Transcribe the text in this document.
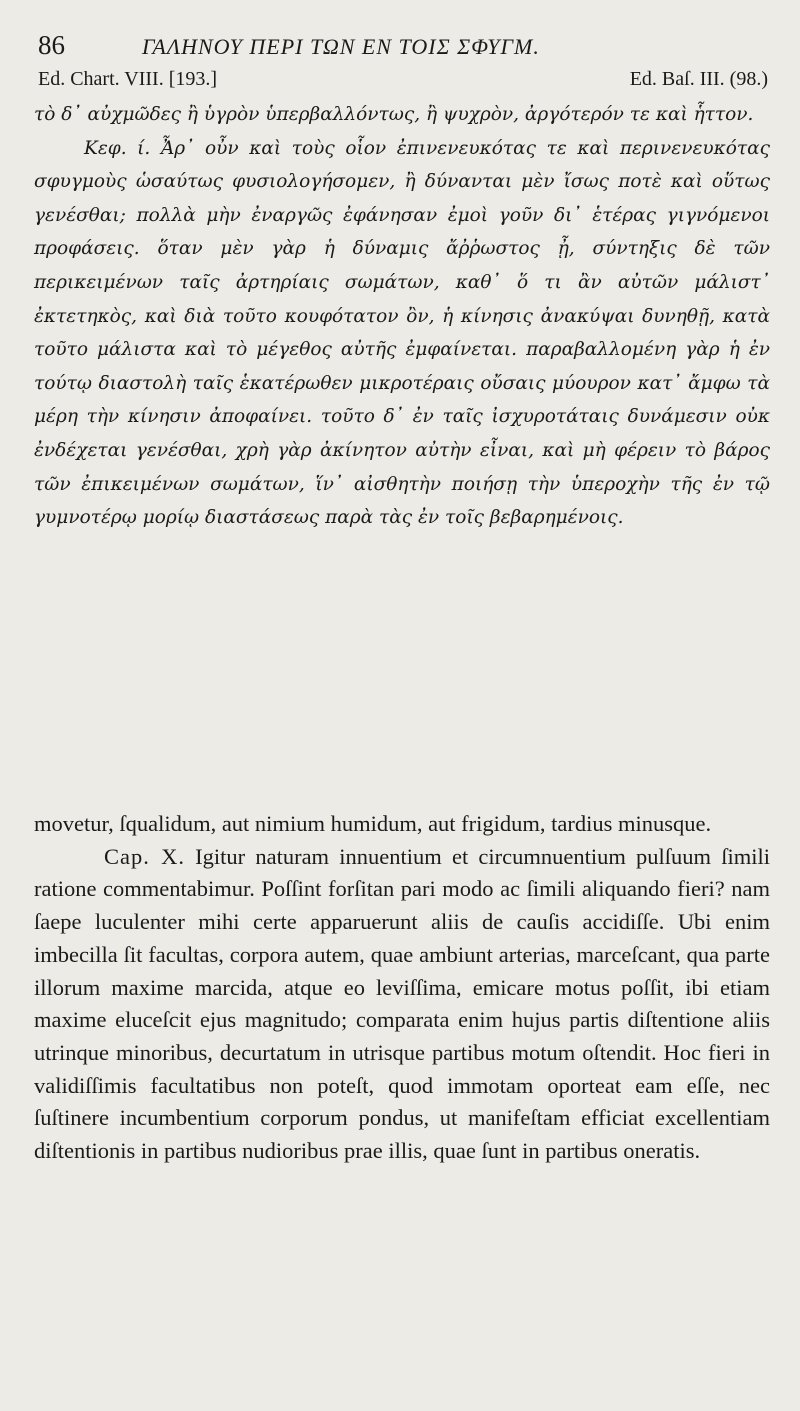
86	ΓΑΛΗΝΟΥ ΠΕΡΙ ΤΩΝ ΕΝ ΤΟΙΣ ΣΦΥΓΜ.
Ed. Chart. VIII. [193.]	Ed. Baſ. III. (98.)

τὸ δ᾽ αὐχμῶδες ἢ ὑγρὸν ὑπερβαλλόντως, ἢ ψυχρὸν, ἀργότερόν τε καὶ ἧττον.

Κεφ. ί. Ἆρ᾽ οὖν καὶ τοὺς οἷον ἐπινενευκότας τε καὶ περινενευκότας σφυγμοὺς ὡσαύτως φυσιολογήσομεν, ἢ δύνανται μὲν ἴσως ποτὲ καὶ οὕτως γενέσθαι; πολλὰ μὴν ἐναργῶς ἐφάνησαν ἐμοὶ γοῦν δι᾽ ἑτέρας γιγνόμενοι προφάσεις. ὅταν μὲν γὰρ ἡ δύναμις ἄῤῥωστος ᾖ, σύντηξις δὲ τῶν περικειμένων ταῖς ἀρτηρίαις σωμάτων, καθ᾽ ὅ τι ἂν αὐτῶν μάλιστ᾽ ἐκτετηκὸς, καὶ διὰ τοῦτο κουφότατον ὂν, ἡ κίνησις ἀνακύψαι δυνηθῇ, κατὰ τοῦτο μάλιστα καὶ τὸ μέγεθος αὐτῆς ἐμφαίνεται. παραβαλλομένη γὰρ ἡ ἐν τούτῳ διαστολὴ ταῖς ἑκατέρωθεν μικροτέραις οὔσαις μύουρον κατ᾽ ἄμφω τὰ μέρη τὴν κίνησιν ἀποφαίνει. τοῦτο δ᾽ ἐν ταῖς ἰσχυροτάταις δυνάμεσιν οὐκ ἐνδέχεται γενέσθαι, χρὴ γὰρ ἀκίνητον αὐτὴν εἶναι, καὶ μὴ φέρειν τὸ βάρος τῶν ἐπικειμένων σωμάτων, ἵν᾽ αἰσθητὴν ποιήσῃ τὴν ὑπεροχὴν τῆς ἐν τῷ γυμνοτέρῳ μορίῳ διαστάσεως παρὰ τὰς ἐν τοῖς βεβαρημένοις.

movetur, ſqualidum, aut nimium humidum, aut frigidum, tardius minusque.

Cap. X. Igitur naturam innuentium et circumnuentium pulſuum ſimili ratione commentabimur. Poſſint forſitan pari modo ac ſimili aliquando fieri? nam ſaepe luculenter mihi certe apparuerunt aliis de cauſis accidiſſe. Ubi enim imbecilla ſit facultas, corpora autem, quae ambiunt arterias, marceſcant, qua parte illorum maxime marcida, atque eo leviſſima, emicare motus poſſit, ibi etiam maxime eluceſcit ejus magnitudo; comparata enim hujus partis diſtentione aliis utrinque minoribus, decurtatum in utrisque partibus motum oſtendit. Hoc fieri in validiſſimis facultatibus non poteſt, quod immotam oporteat eam eſſe, nec ſuſtinere incumbentium corporum pondus, ut manifeſtam efficiat excellentiam diſtentionis in partibus nudioribus prae illis, quae ſunt in partibus oneratis.
